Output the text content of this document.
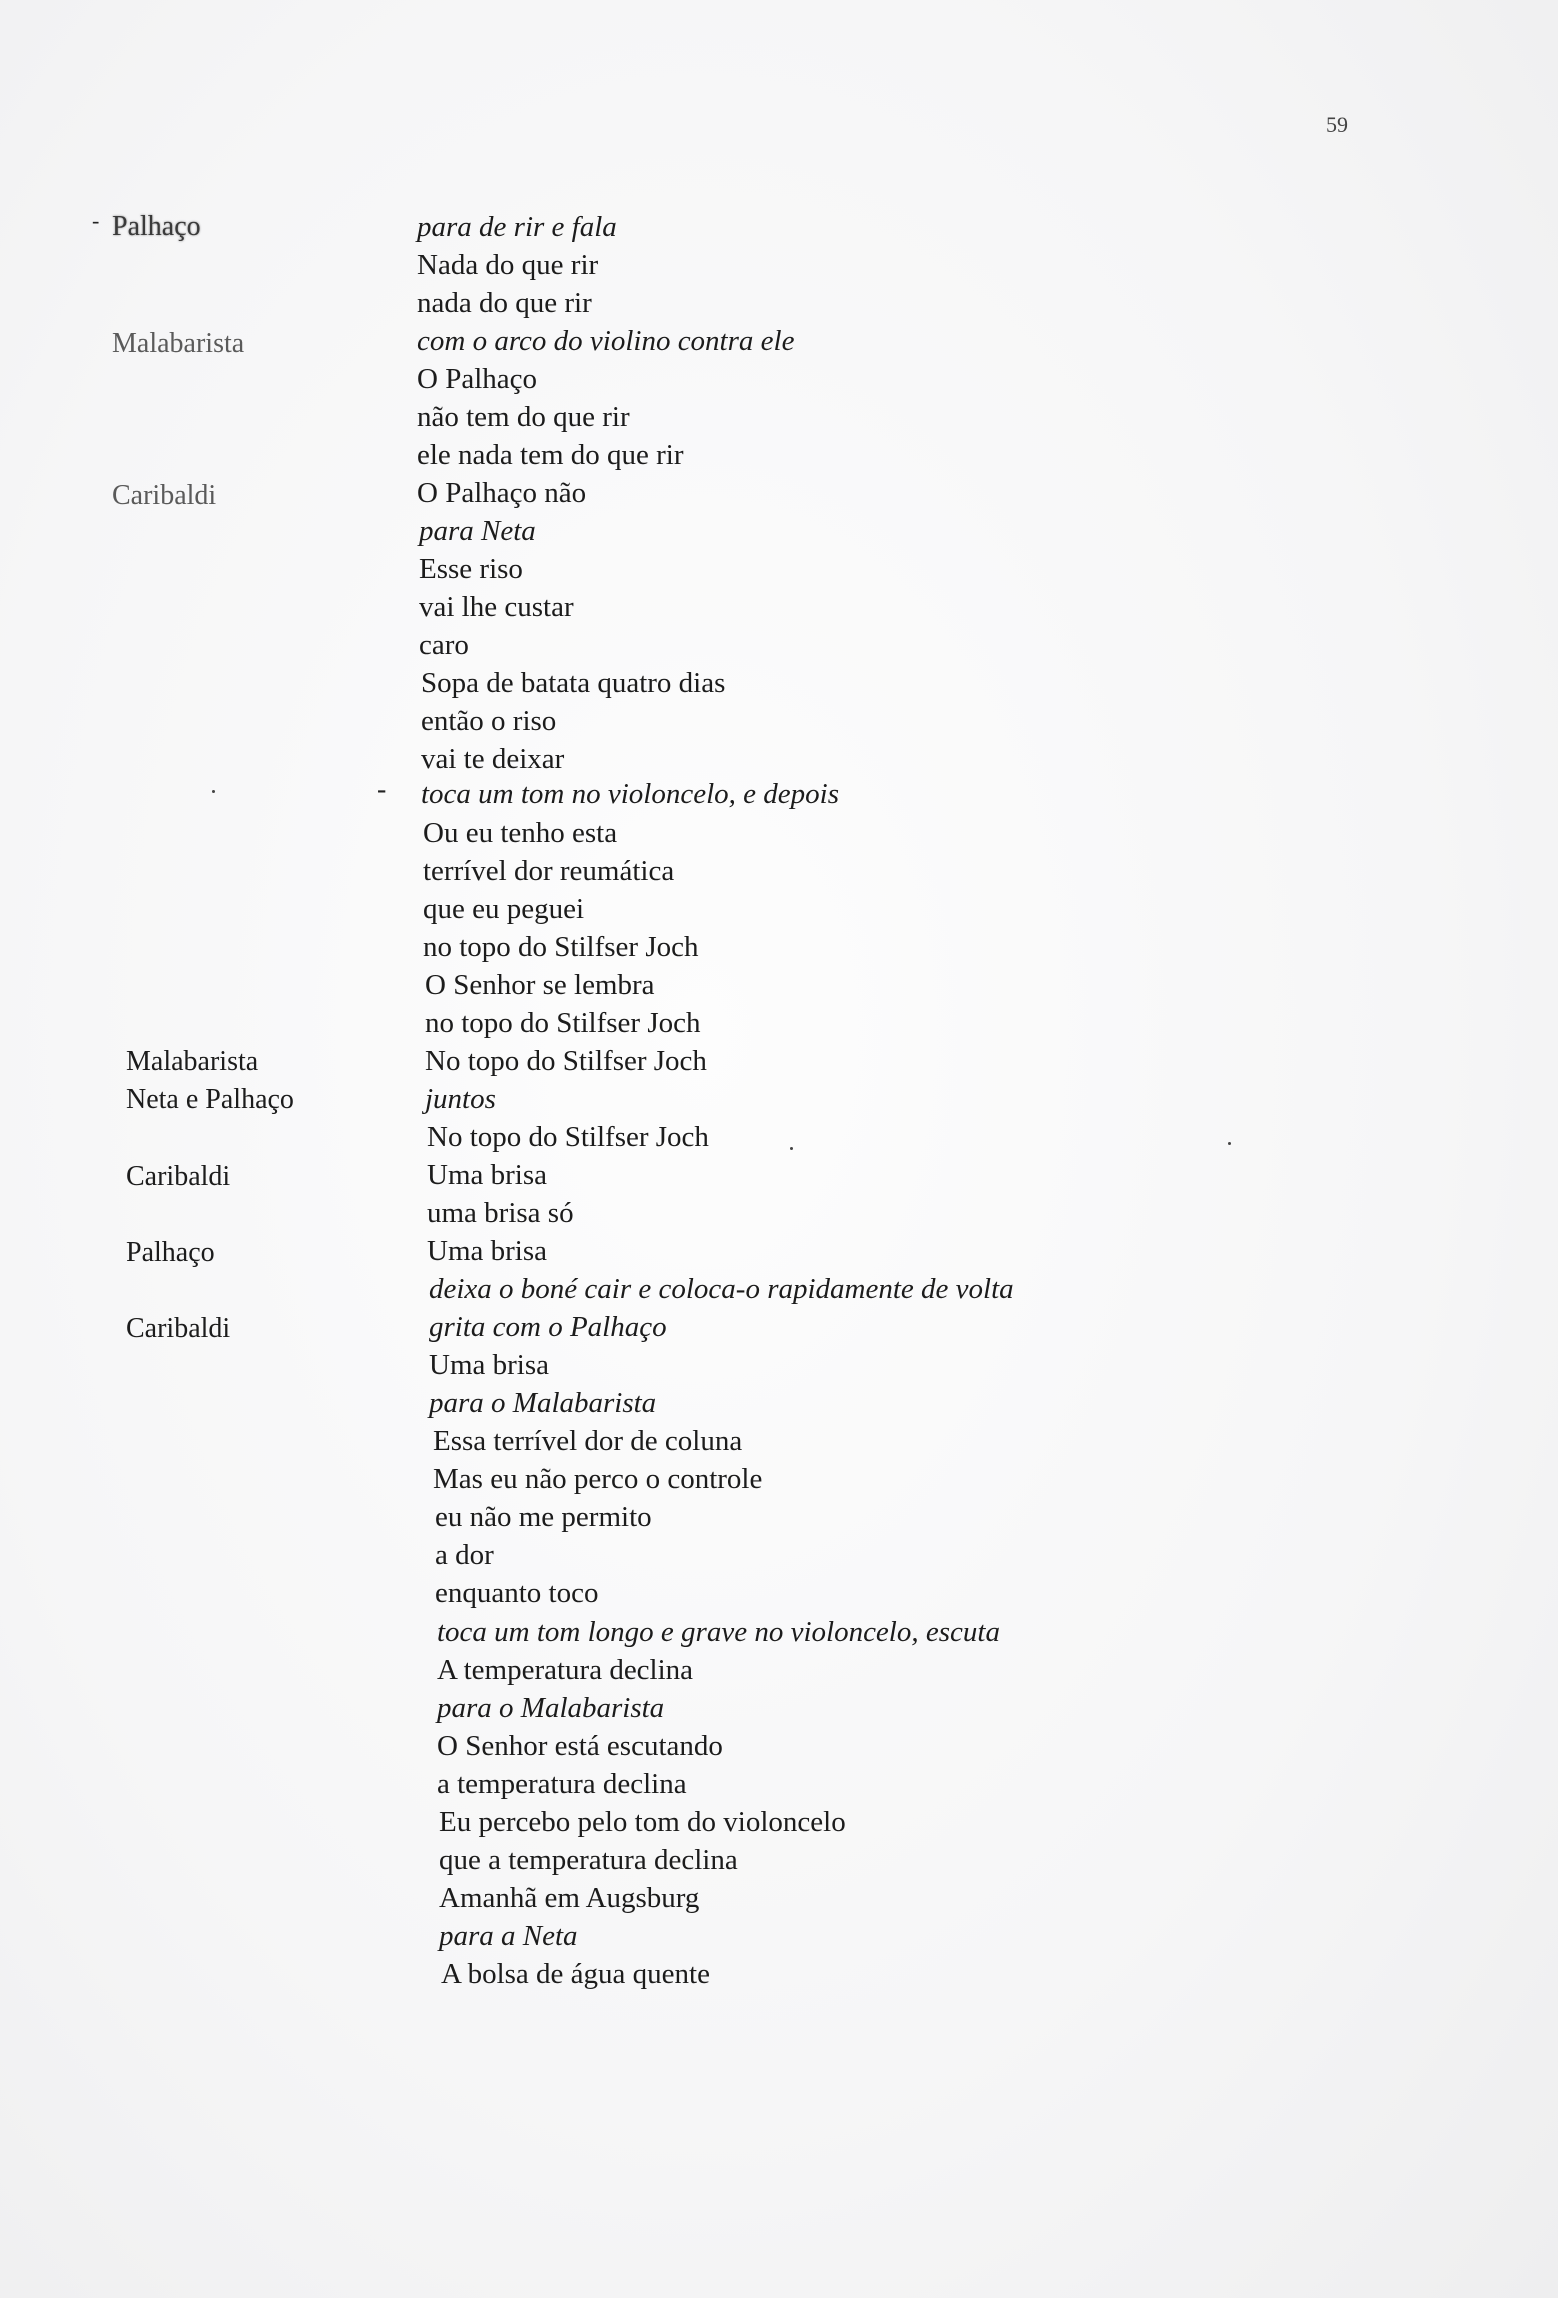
59
Palhaço
Malabarista
Caribaldi
Malabarista
Neta e Palhaço
Caribaldi
Palhaço
Caribaldi
-
-	para de rir e fala
Nada do que rir
nada do que rir
com o arco do violino contra ele
O Palhaço
não tem do que rir
ele nada tem do que rir
O Palhaço não
para Neta
Esse riso
vai lhe custar
caro
Sopa de batata quatro dias
então o riso
vai te deixar
toca um tom no violoncelo, e depois
Ou eu tenho esta
terrível dor reumática
que eu peguei
no topo do Stilfser Joch
O Senhor se lembra
no topo do Stilfser Joch
No topo do Stilfser Joch
juntos
No topo do Stilfser Joch
Uma brisa
uma brisa só
Uma brisa
deixa o boné cair e coloca-o rapidamente de volta
grita com o Palhaço
Uma brisa
para o Malabarista
Essa terrível dor de coluna
Mas eu não perco o controle
eu não me permito
a dor
enquanto toco
toca um tom longo e grave no violoncelo, escuta
A temperatura declina
para o Malabarista
O Senhor está escutando
a temperatura declina
Eu percebo pelo tom do violoncelo
que a temperatura declina
Amanhã em Augsburg
para a Neta
A bolsa de água quente
